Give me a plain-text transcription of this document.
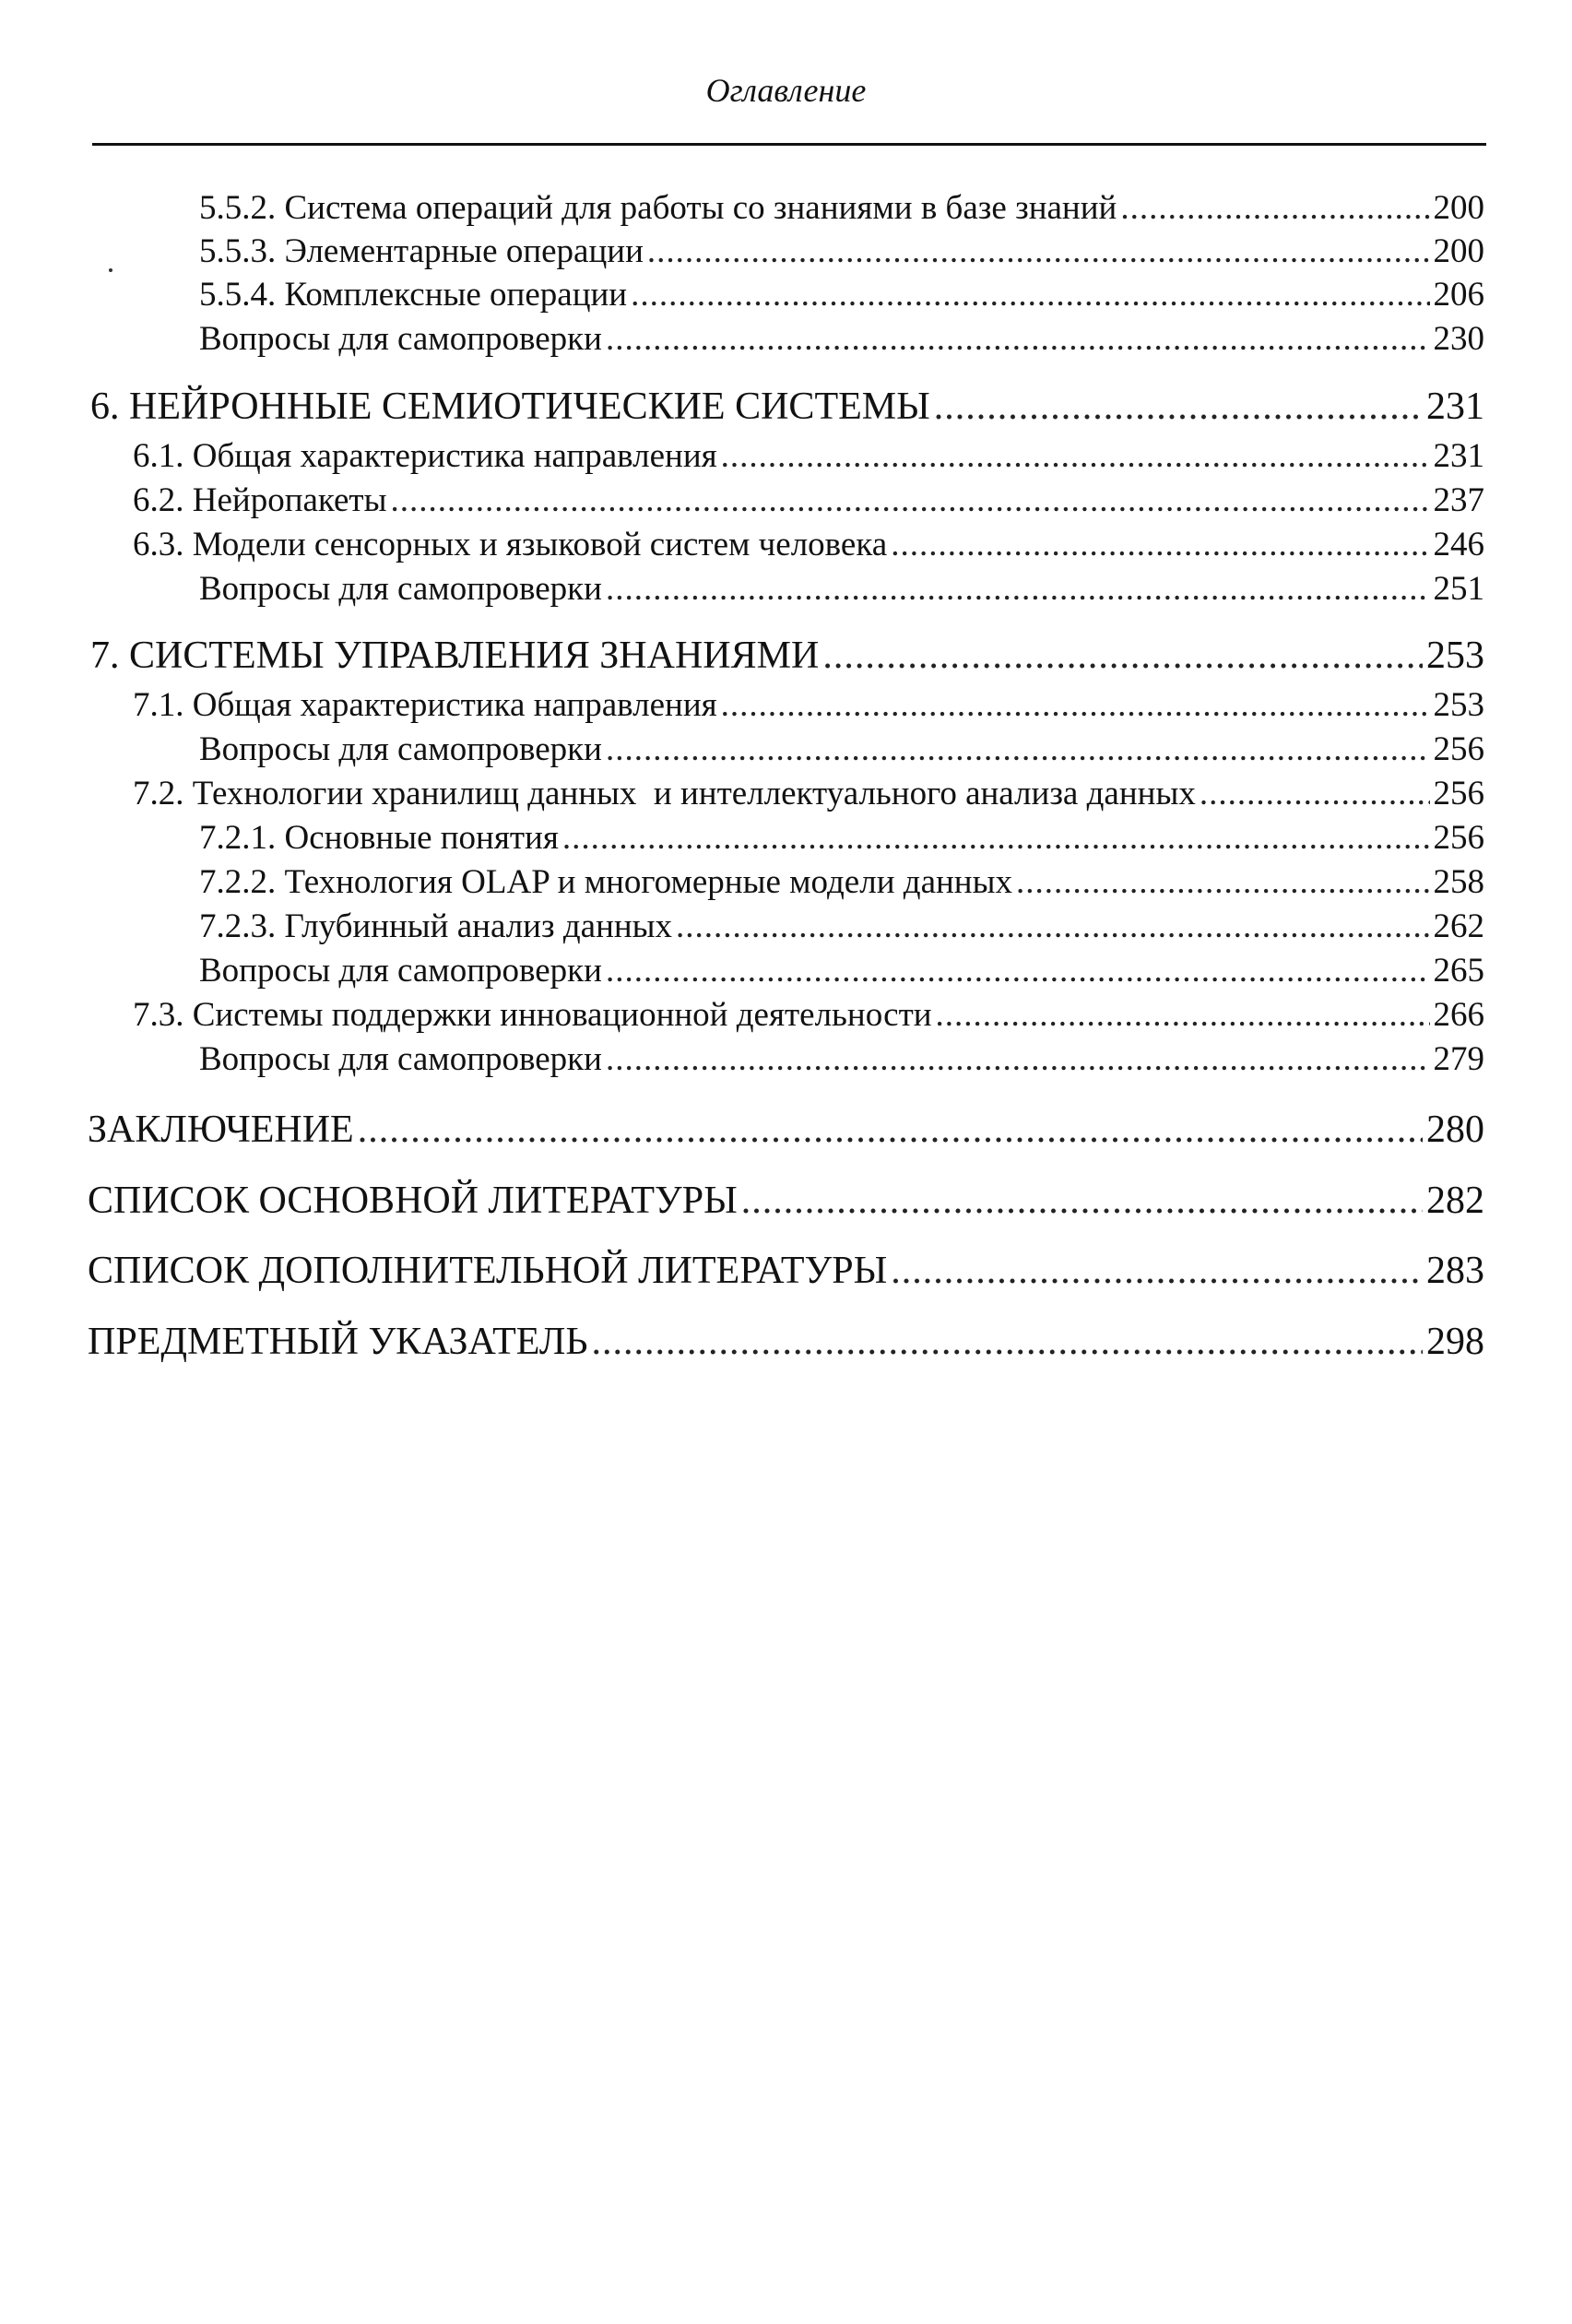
Оглавление
5.5.2. Система операций для работы со знаниями в базе знаний .....	200
5.5.3. Элементарные операции .....	200
5.5.4. Комплексные операции .....	206
Вопросы для самопроверки .....	230
6. НЕЙРОННЫЕ СЕМИОТИЧЕСКИЕ СИСТЕМЫ .....	231
6.1. Общая характеристика направления .....	231
6.2. Нейропакеты .....	237
6.3. Модели сенсорных и языковой систем человека .....	246
Вопросы для самопроверки .....	251
7. СИСТЕМЫ УПРАВЛЕНИЯ ЗНАНИЯМИ .....	253
7.1. Общая характеристика направления .....	253
Вопросы для самопроверки .....	256
7.2. Технологии хранилищ данных  и интеллектуального анализа данных .....	256
7.2.1. Основные понятия .....	256
7.2.2. Технология OLAP и многомерные модели данных .....	258
7.2.3. Глубинный анализ данных .....	262
Вопросы для самопроверки .....	265
7.3. Системы поддержки инновационной деятельности .....	266
Вопросы для самопроверки .....	279
ЗАКЛЮЧЕНИЕ .....	280
СПИСОК ОСНОВНОЙ ЛИТЕРАТУРЫ .....	282
СПИСОК ДОПОЛНИТЕЛЬНОЙ ЛИТЕРАТУРЫ .....	283
ПРЕДМЕТНЫЙ УКАЗАТЕЛЬ .....	298
